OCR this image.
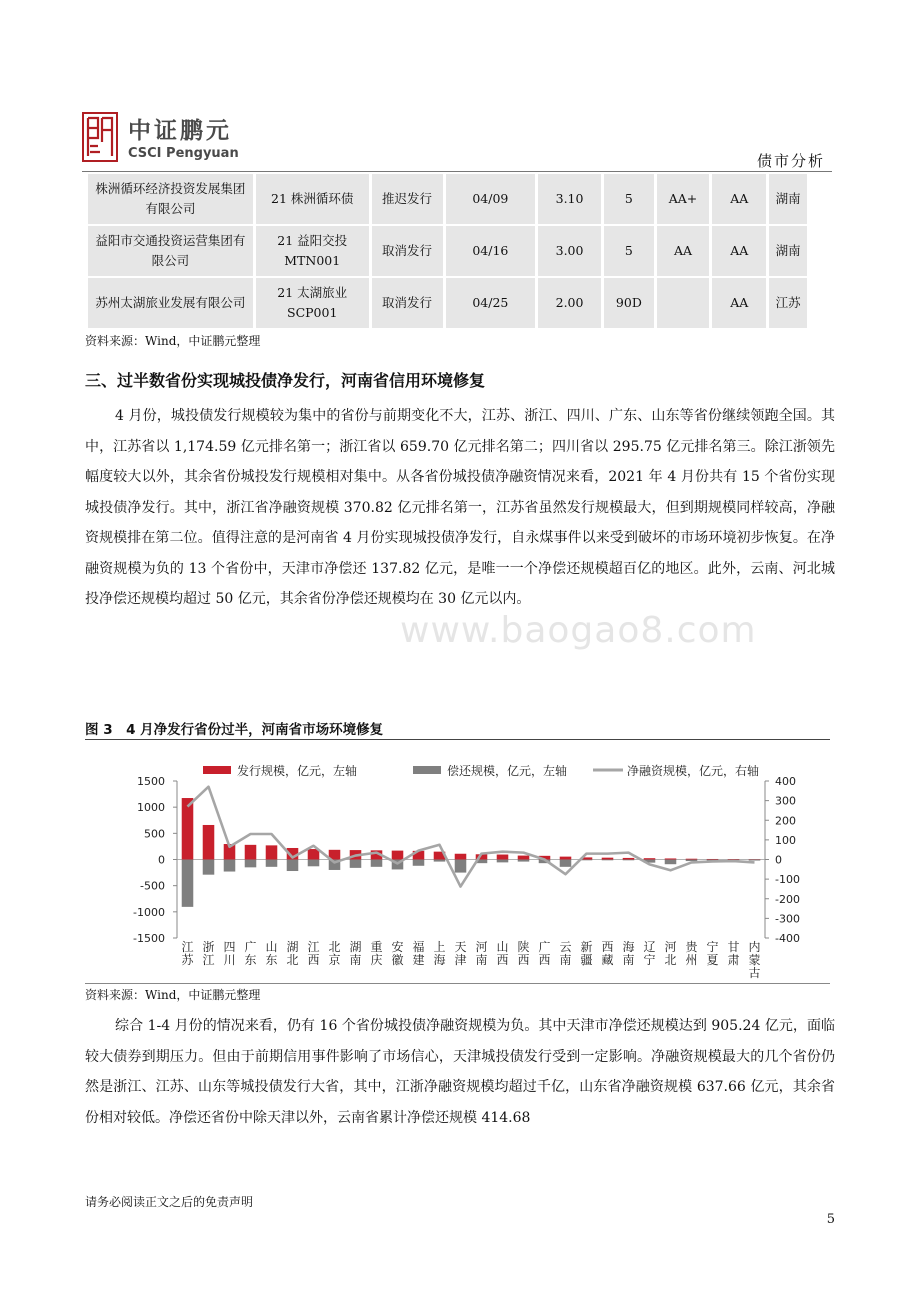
中证鹏元
CSCI Pengyuan	债市分析
株洲循环经济投资发展集团有限公司	21 株洲循环债	推迟发行	04/09	3.10	5	AA+	AA	湖南
益阳市交通投资运营集团有限公司	21 益阳交投 MTN001	取消发行	04/16	3.00	5	AA	AA	湖南
苏州太湖旅业发展有限公司	21 太湖旅业 SCP001	取消发行	04/25	2.00	90D		AA	江苏
资料来源：Wind，中证鹏元整理
三、过半数省份实现城投债净发行，河南省信用环境修复

4 月份，城投债发行规模较为集中的省份与前期变化不大，江苏、浙江、四川、广东、山东等省份继续领跑全国。其中，江苏省以 1,174.59 亿元排名第一；浙江省以 659.70 亿元排名第二；四川省以 295.75 亿元排名第三。除江浙领先幅度较大以外，其余省份城投发行规模相对集中。从各省份城投债净融资情况来看，2021 年 4 月份共有 15 个省份实现城投债净发行。其中，浙江省净融资规模 370.82 亿元排名第一，江苏省虽然发行规模最大，但到期规模同样较高，净融资规模排在第二位。值得注意的是河南省 4 月份实现城投债净发行，自永煤事件以来受到破坏的市场环境初步恢复。在净融资规模为负的 13 个省份中，天津市净偿还 137.82 亿元，是唯一一个净偿还规模超百亿的地区。此外，云南、河北城投净偿还规模均超过 50 亿元，其余省份净偿还规模均在 30 亿元以内。

www.baogao8.com
图 3　4 月净发行省份过半，河南省市场环境修复
发行规模，亿元，左轴	偿还规模，亿元，左轴	净融资规模，亿元，右轴
1500
1000
500
0
-500
-1000
-1500
400
300
200
100
0
-100
-200
-300
-400
江苏
浙江
四川
广东
山东
湖北
江西
北京
湖南
重庆
安徽
福建
上海
天津
河南
山西
陕西
广西
云南
新疆
西藏
海南
辽宁
河北
贵州
宁夏
甘肃
内蒙古
资料来源：Wind，中证鹏元整理

综合 1-4 月份的情况来看，仍有 16 个省份城投债净融资规模为负。其中天津市净偿还规模达到 905.24 亿元，面临较大债券到期压力。但由于前期信用事件影响了市场信心，天津城投债发行受到一定影响。净融资规模最大的几个省份仍然是浙江、江苏、山东等城投债发行大省，其中，江浙净融资规模均超过千亿，山东省净融资规模 637.66 亿元，其余省份相对较低。净偿还省份中除天津以外，云南省累计净偿还规模 414.68

请务必阅读正文之后的免责声明
5
